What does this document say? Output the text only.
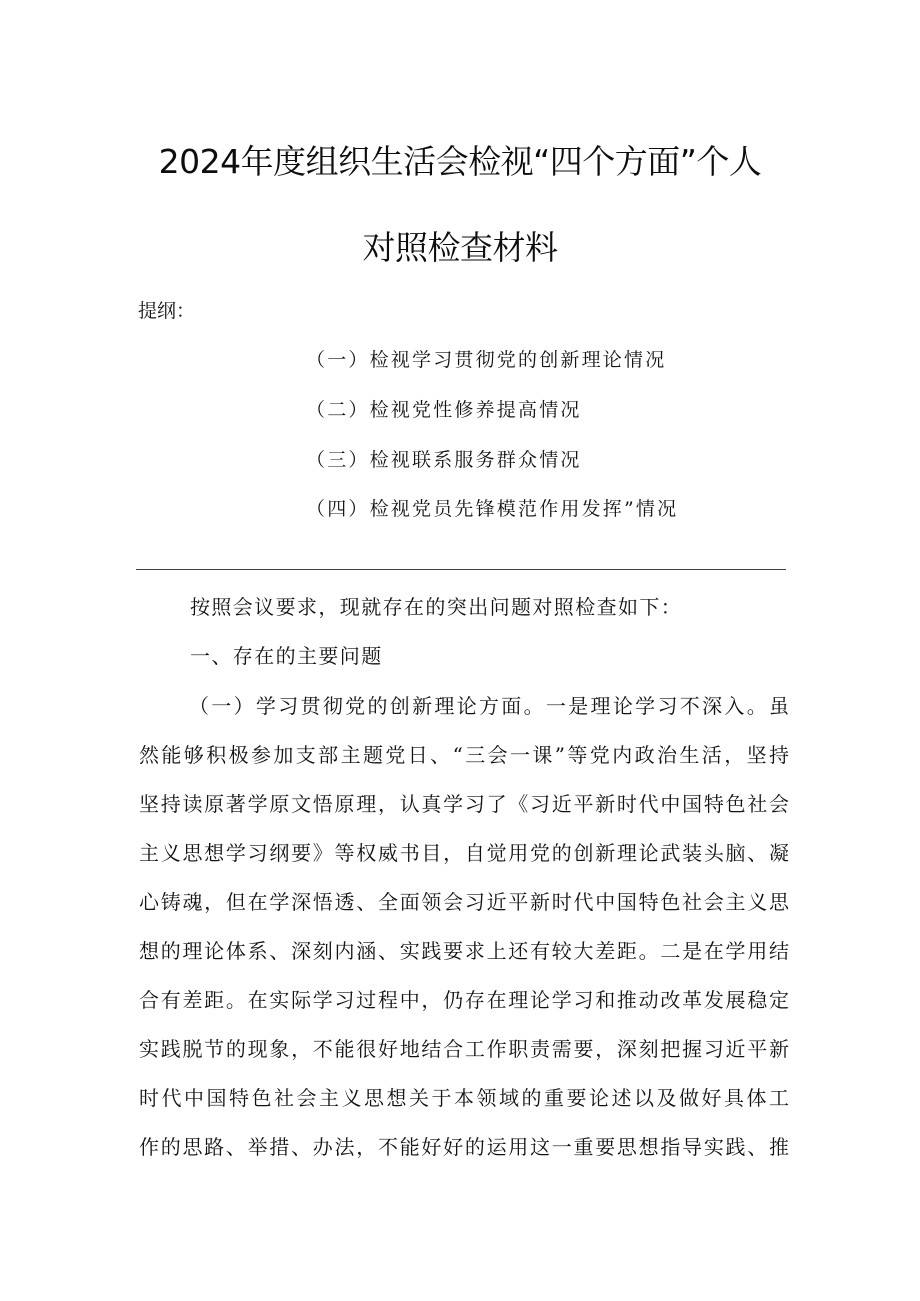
2024年度组织生活会检视“四个方面”个人
对照检查材料
提纲：
（一）检视学习贯彻党的创新理论情况
（二）检视党性修养提高情况
（三）检视联系服务群众情况
（四）检视党员先锋模范作用发挥”情况
按照会议要求，现就存在的突出问题对照检查如下：
一、存在的主要问题
（一）学习贯彻党的创新理论方面。一是理论学习不深入。虽
然能够积极参加支部主题党日、“三会一课”等党内政治生活，坚持
坚持读原著学原文悟原理，认真学习了《习近平新时代中国特色社会
主义思想学习纲要》等权威书目，自觉用党的创新理论武装头脑、凝
心铸魂，但在学深悟透、全面领会习近平新时代中国特色社会主义思
想的理论体系、深刻内涵、实践要求上还有较大差距。二是在学用结
合有差距。在实际学习过程中，仍存在理论学习和推动改革发展稳定
实践脱节的现象，不能很好地结合工作职责需要，深刻把握习近平新
时代中国特色社会主义思想关于本领域的重要论述以及做好具体工
作的思路、举措、办法，不能好好的运用这一重要思想指导实践、推
